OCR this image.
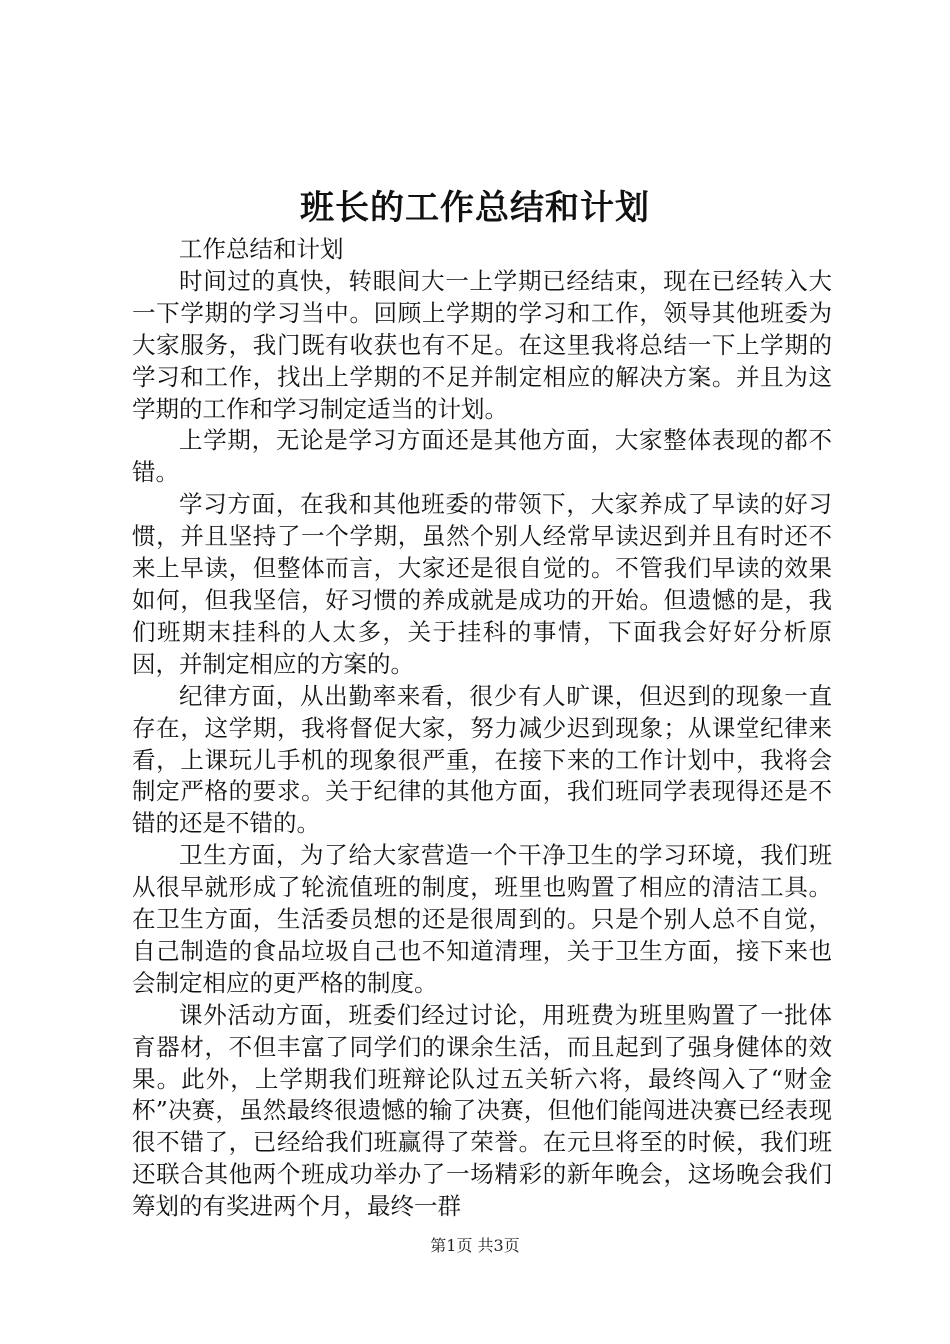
班长的工作总结和计划

工作总结和计划

时间过的真快，转眼间大一上学期已经结束，现在已经转入大一下学期的学习当中。回顾上学期的学习和工作，领导其他班委为大家服务，我门既有收获也有不足。在这里我将总结一下上学期的学习和工作，找出上学期的不足并制定相应的解决方案。并且为这学期的工作和学习制定适当的计划。

上学期，无论是学习方面还是其他方面，大家整体表现的都不错。

学习方面，在我和其他班委的带领下，大家养成了早读的好习惯，并且坚持了一个学期，虽然个别人经常早读迟到并且有时还不来上早读，但整体而言，大家还是很自觉的。不管我们早读的效果如何，但我坚信，好习惯的养成就是成功的开始。但遗憾的是，我们班期末挂科的人太多，关于挂科的事情，下面我会好好分析原因，并制定相应的方案的。

纪律方面，从出勤率来看，很少有人旷课，但迟到的现象一直存在，这学期，我将督促大家，努力减少迟到现象；从课堂纪律来看，上课玩儿手机的现象很严重，在接下来的工作计划中，我将会制定严格的要求。关于纪律的其他方面，我们班同学表现得还是不错的还是不错的。

卫生方面，为了给大家营造一个干净卫生的学习环境，我们班从很早就形成了轮流值班的制度，班里也购置了相应的清洁工具。在卫生方面，生活委员想的还是很周到的。只是个别人总不自觉，自己制造的食品垃圾自己也不知道清理，关于卫生方面，接下来也会制定相应的更严格的制度。

课外活动方面，班委们经过讨论，用班费为班里购置了一批体育器材，不但丰富了同学们的课余生活，而且起到了强身健体的效果。此外，上学期我们班辩论队过五关斩六将，最终闯入了“财金杯”决赛，虽然最终很遗憾的输了决赛，但他们能闯进决赛已经表现很不错了，已经给我们班赢得了荣誉。在元旦将至的时候，我们班还联合其他两个班成功举办了一场精彩的新年晚会，这场晚会我们筹划的有奖进两个月，最终一群

第1页 共3页
